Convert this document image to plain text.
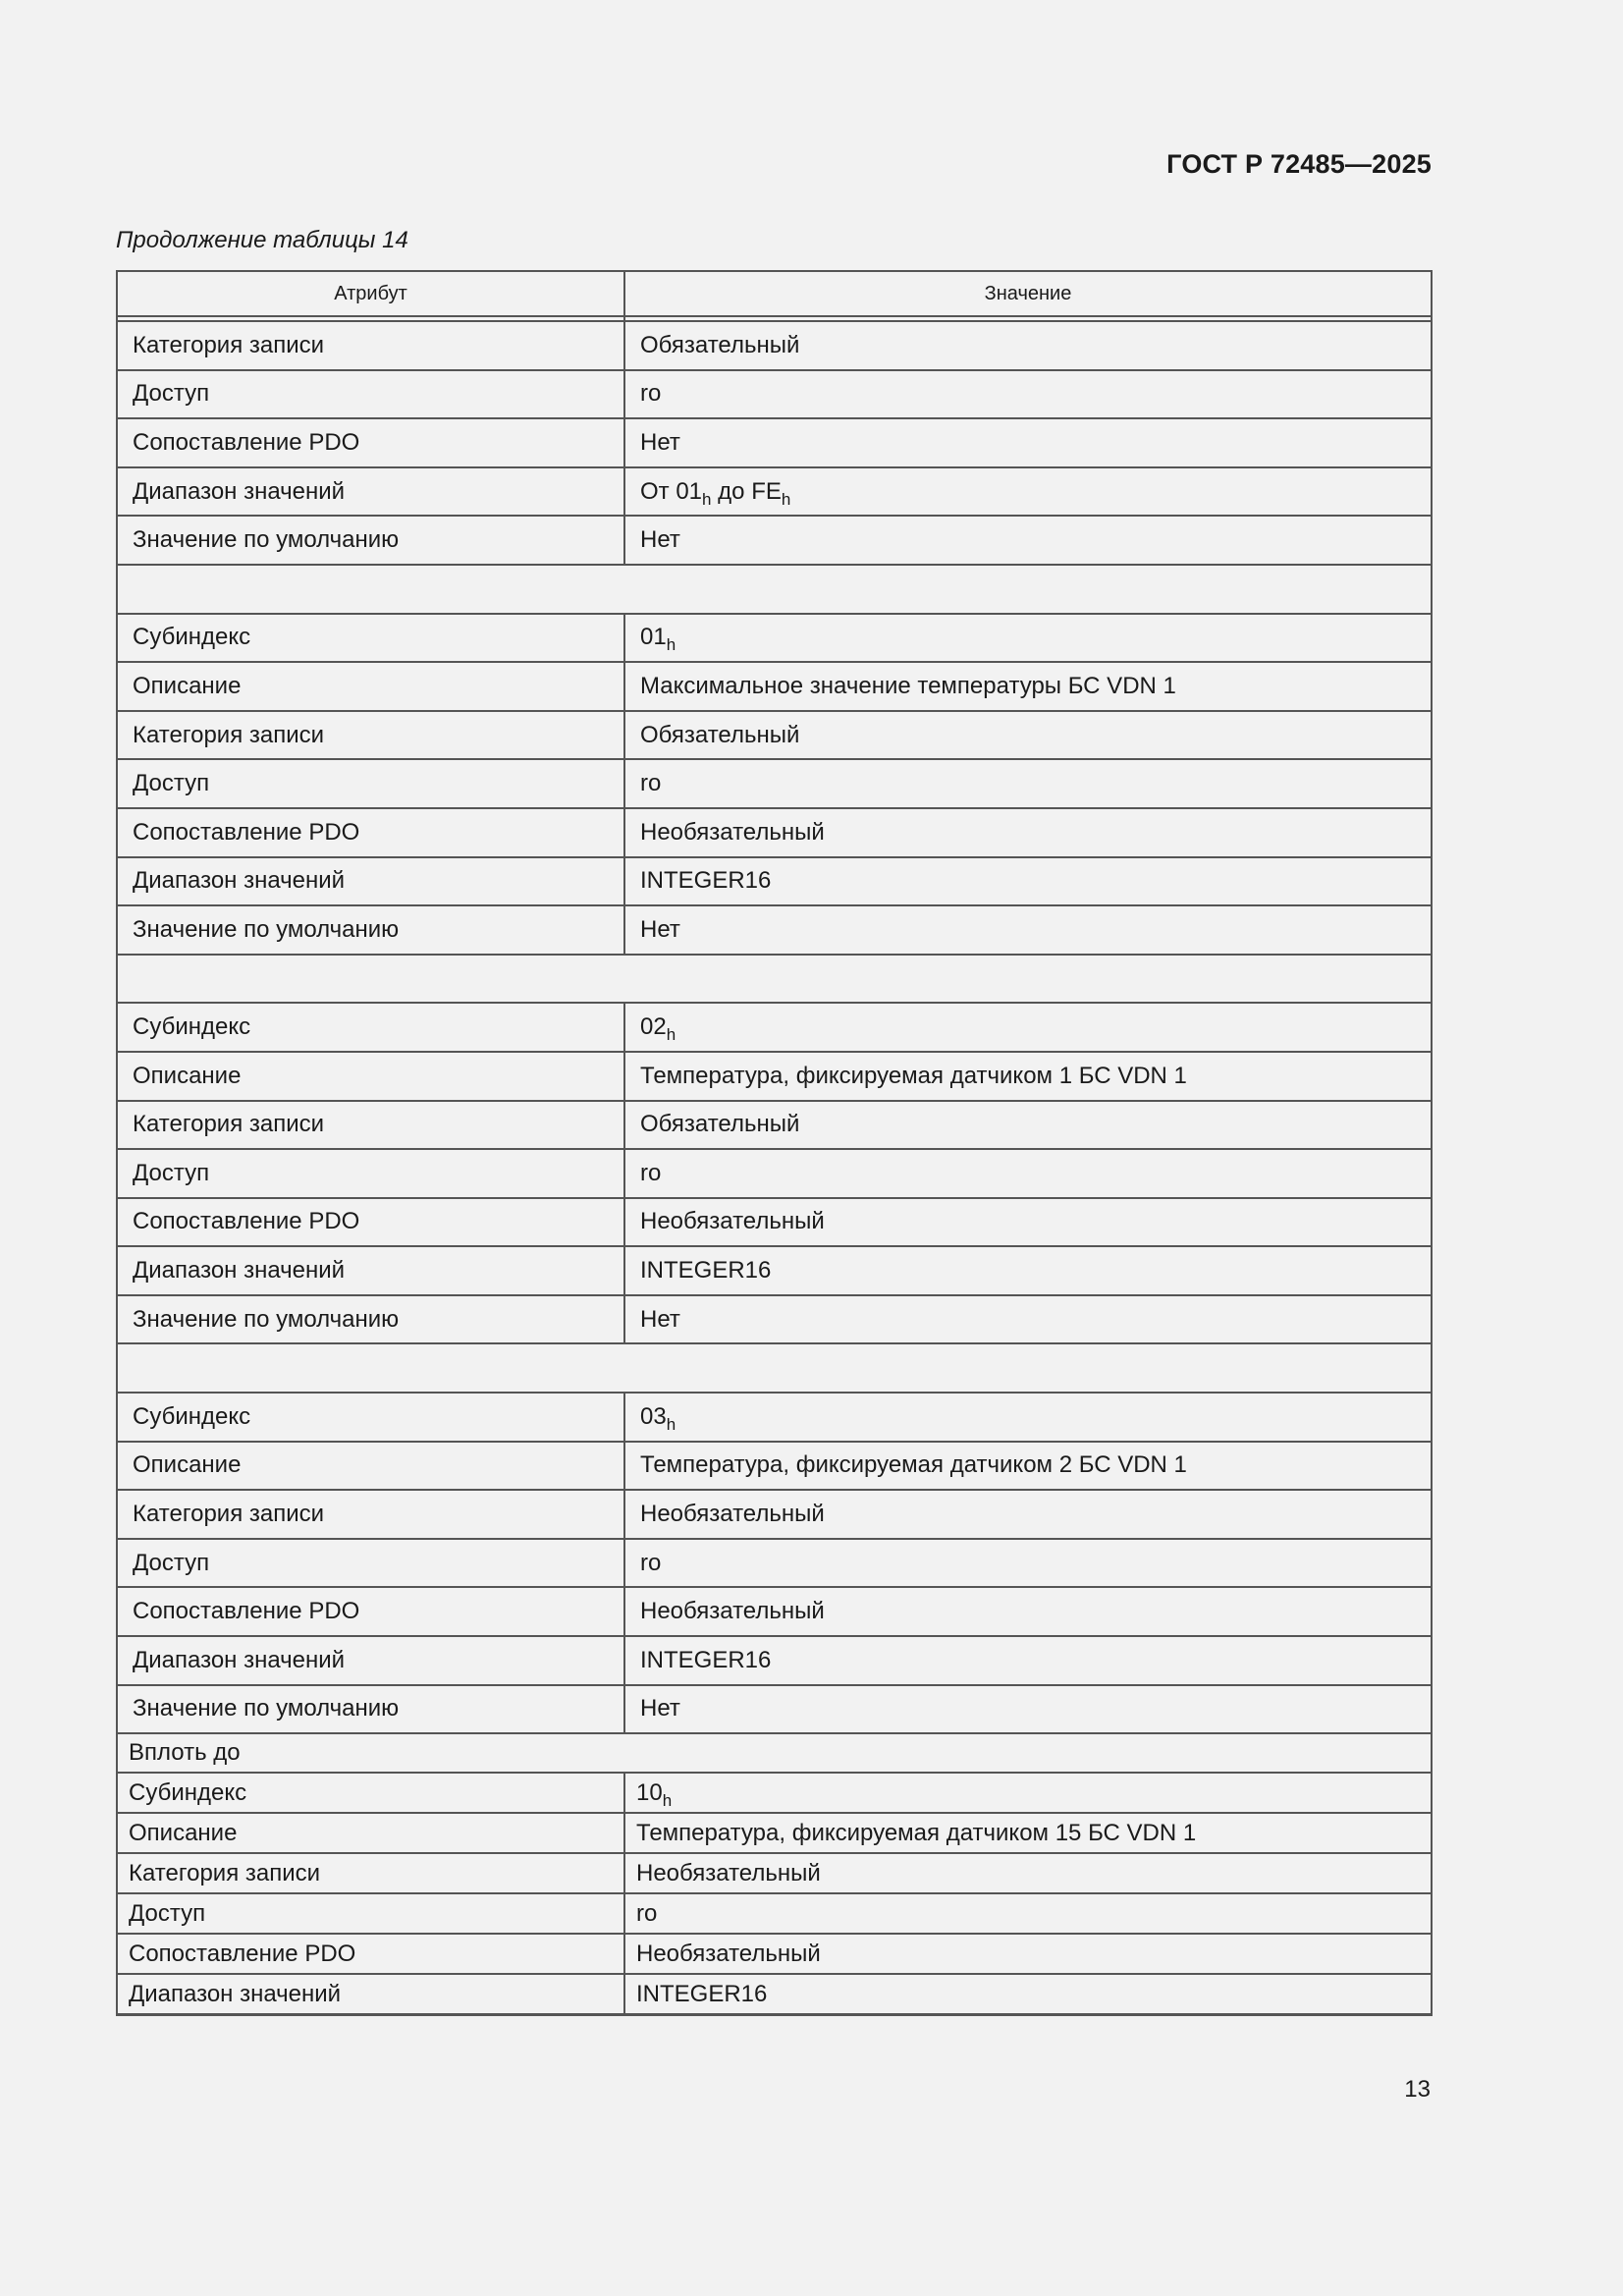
ГОСТ Р 72485—2025
Продолжение таблицы 14
Атрибут	Значение

Категория записи	Обязательный
Доступ	ro
Сопоставление PDO	Нет
Диапазон значений	От $01_h$ до $FE_h$
Значение по умолчанию	Нет

Субиндекс	$01_h$
Описание	Максимальное значение температуры БС VDN 1
Категория записи	Обязательный
Доступ	ro
Сопоставление PDO	Необязательный
Диапазон значений	INTEGER16
Значение по умолчанию	Нет

Субиндекс	$02_h$
Описание	Температура, фиксируемая датчиком 1 БС VDN 1
Категория записи	Обязательный
Доступ	ro
Сопоставление PDO	Необязательный
Диапазон значений	INTEGER16
Значение по умолчанию	Нет

Субиндекс	$03_h$
Описание	Температура, фиксируемая датчиком 2 БС VDN 1
Категория записи	Необязательный
Доступ	ro
Сопоставление PDO	Необязательный
Диапазон значений	INTEGER16
Значение по умолчанию	Нет
Вплоть до	
Субиндекс	$10_h$
Описание	Температура, фиксируемая датчиком 15 БС VDN 1
Категория записи	Необязательный
Доступ	ro
Сопоставление PDO	Необязательный
Диапазон значений	INTEGER16
13
